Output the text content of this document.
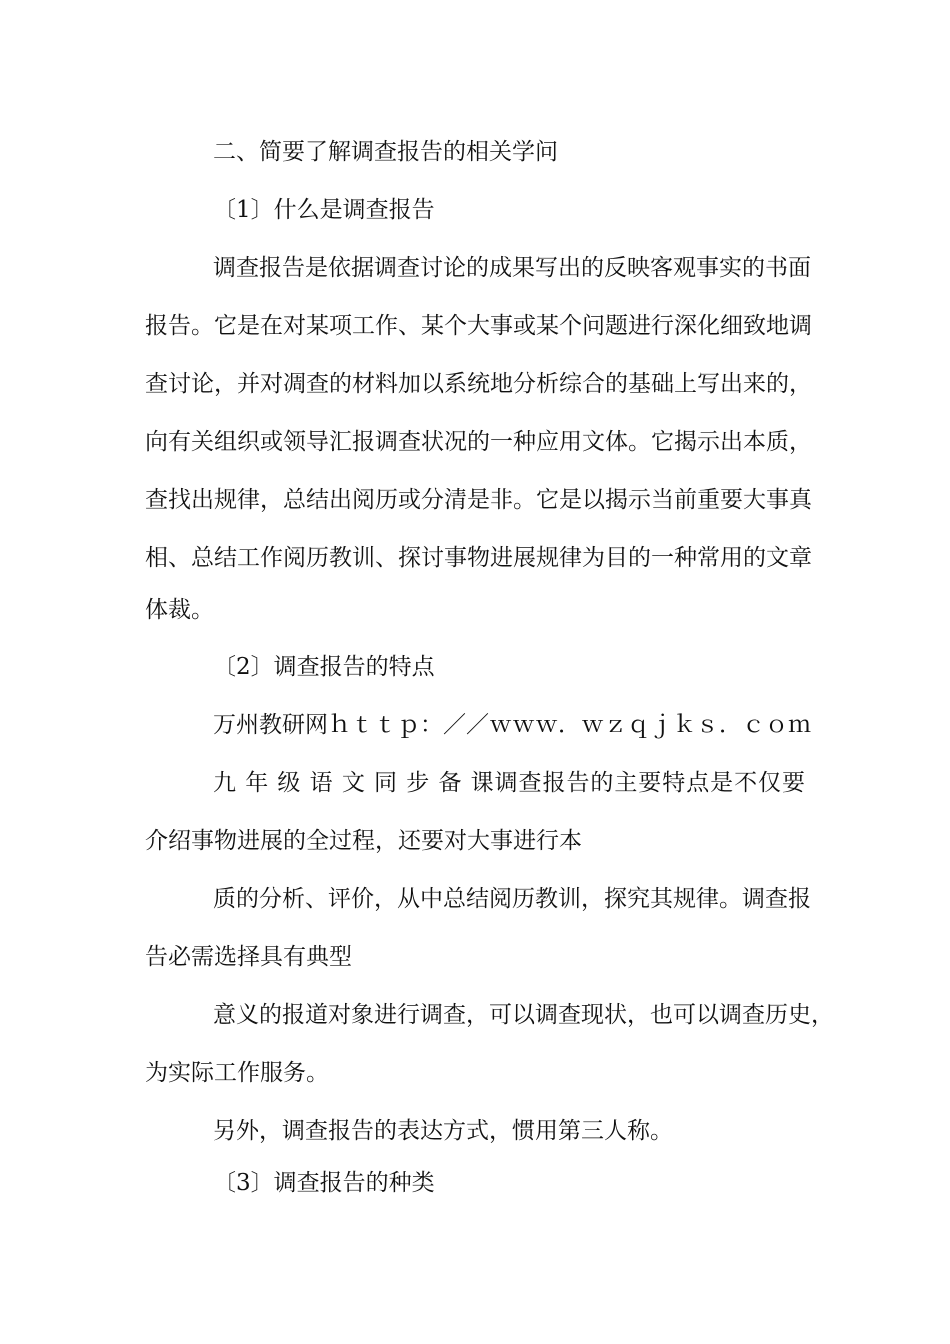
二、简要了解调查报告的相关学问

〔1〕什么是调查报告

调查报告是依据调查讨论的成果写出的反映客观事实的书面

报告。它是在对某项工作、某个大事或某个问题进行深化细致地调

查讨论，并对凋查的材料加以系统地分析综合的基础上写出来的，

向有关组织或领导汇报调查状况的一种应用文体。它揭示出本质，

查找出规律，总结出阅历或分清是非。它是以揭示当前重要大事真

相、总结工作阅历教训、探讨事物进展规律为目的一种常用的文章

体裁。

〔2〕调查报告的特点

万州教研网ｈｔｔｐ：／／ｗｗｗ．ｗｚｑｊｋｓ．ｃｏｍ

九 年 级 语 文 同 步 备 课调查报告的主要特点是不仅要

介绍事物进展的全过程，还要对大事进行本

质的分析、评价，从中总结阅历教训，探究其规律。调查报

告必需选择具有典型

意义的报道对象进行调查，可以调查现状，也可以调查历史，

为实际工作服务。

另外，调查报告的表达方式，惯用第三人称。

〔3〕调查报告的种类
